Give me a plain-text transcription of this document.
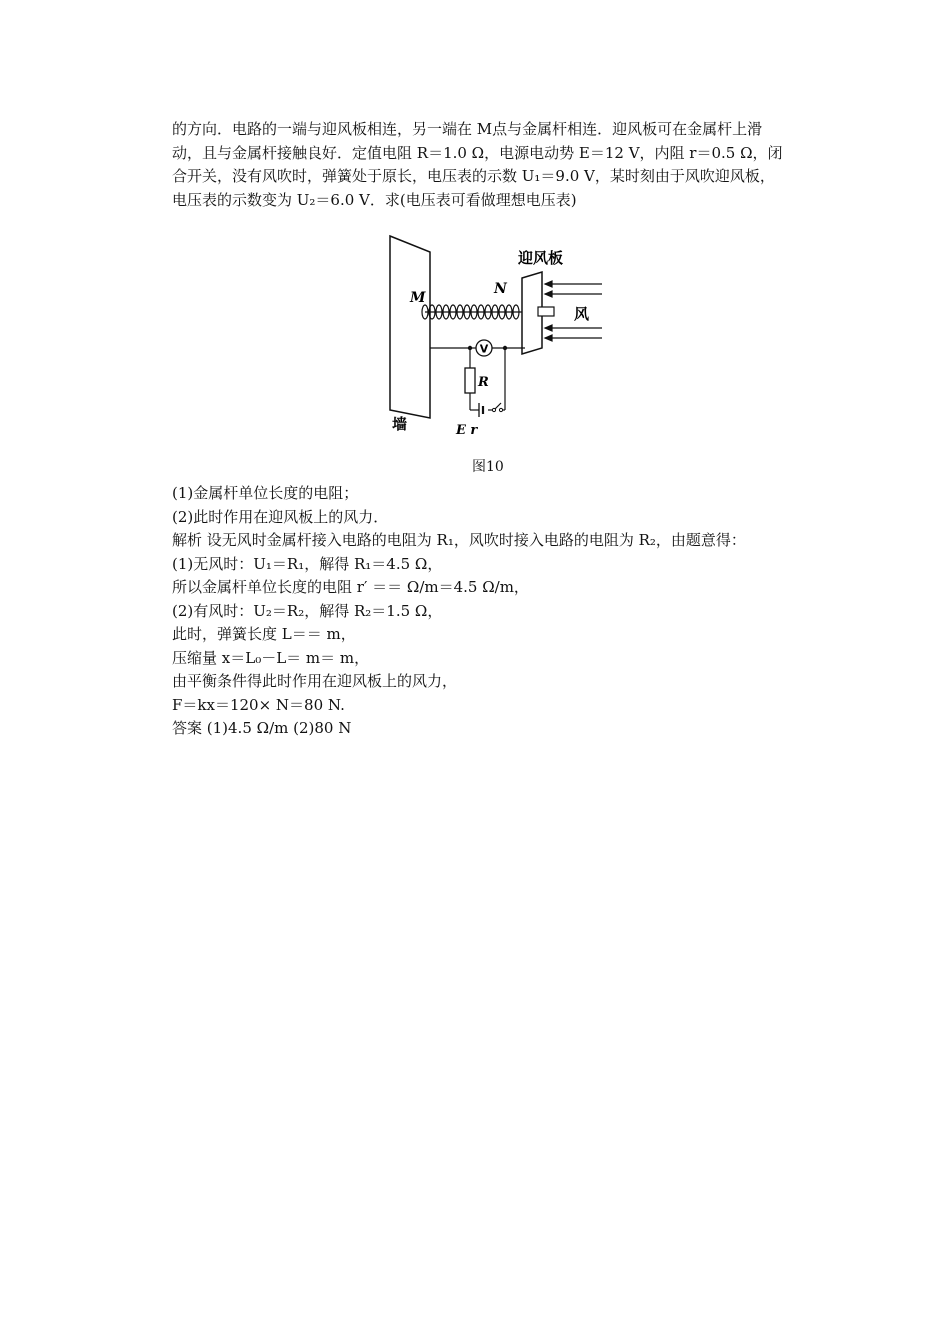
的方向．电路的一端与迎风板相连，另一端在 M点与金属杆相连．迎风板可在金属杆上滑

动，且与金属杆接触良好．定值电阻 R＝1.0 Ω，电源电动势 E＝12 V，内阻 r＝0.5 Ω，闭

合开关，没有风吹时，弹簧处于原长，电压表的示数 U₁＝9.0 V，某时刻由于风吹迎风板，

电压表的示数变为 U₂＝6.0 V．求(电压表可看做理想电压表)

V
迎风板
风
墙
M
N
R
E r
图10

(1)金属杆单位长度的电阻；

(2)此时作用在迎风板上的风力．

解析 设无风时金属杆接入电路的电阻为 R₁，风吹时接入电路的电阻为 R₂，由题意得：

(1)无风时：U₁＝R₁，解得 R₁＝4.5 Ω，

所以金属杆单位长度的电阻 r′ ＝＝ Ω/m＝4.5 Ω/m，

(2)有风时：U₂＝R₂，解得 R₂＝1.5 Ω，

此时，弹簧长度 L＝＝ m，

压缩量 x＝L₀－L＝ m＝ m，

由平衡条件得此时作用在迎风板上的风力，

F＝kx＝120× N＝80 N.

答案 (1)4.5 Ω/m (2)80 N
